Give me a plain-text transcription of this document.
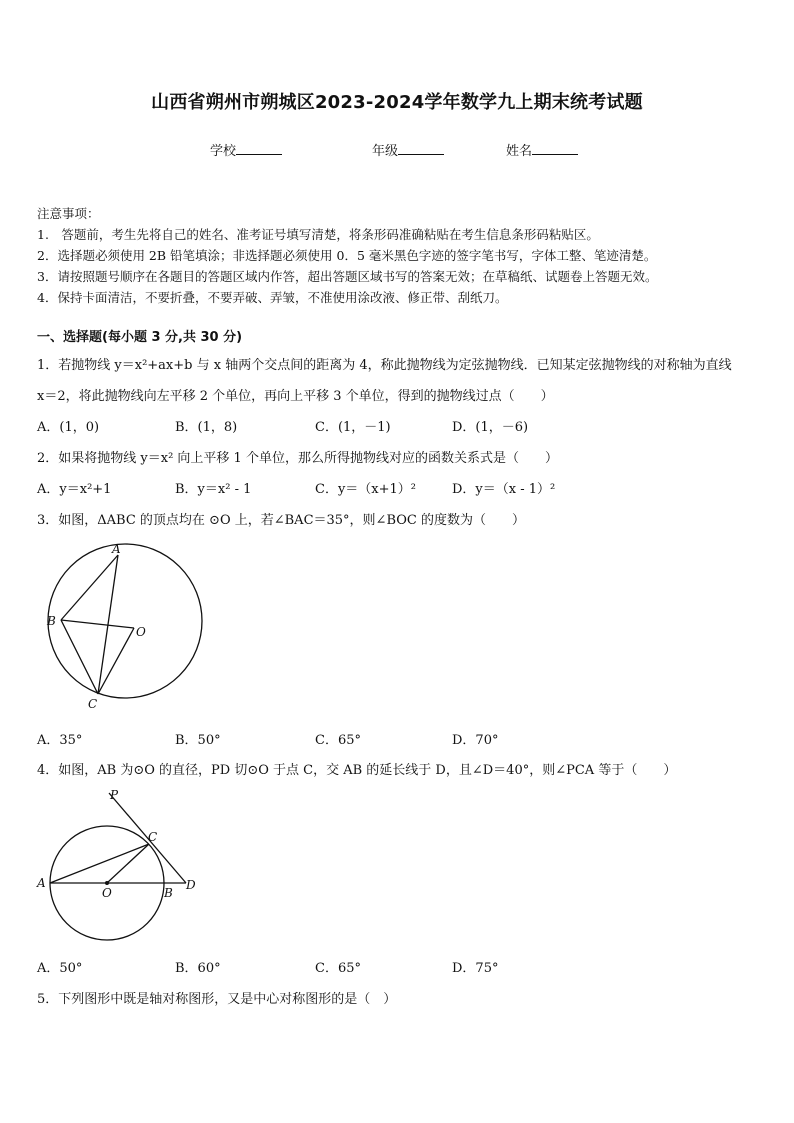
山西省朔州市朔城区2023-2024学年数学九上期末统考试题
学校	年级	姓名
注意事项：
1.　答题前，考生先将自己的姓名、准考证号填写清楚，将条形码准确粘贴在考生信息条形码粘贴区。
2．选择题必须使用 2B 铅笔填涂；非选择题必须使用 0．5 毫米黑色字迹的签字笔书写，字体工整、笔迹清楚。
3．请按照题号顺序在各题目的答题区域内作答，超出答题区域书写的答案无效；在草稿纸、试题卷上答题无效。
4．保持卡面清洁，不要折叠，不要弄破、弄皱，不准使用涂改液、修正带、刮纸刀。
一、选择题(每小题 3 分,共 30 分)
1．若抛物线 y＝x²+ax+b 与 x 轴两个交点间的距离为 4，称此抛物线为定弦抛物线．已知某定弦抛物线的对称轴为直线
x＝2，将此抛物线向左平移 2 个单位，再向上平移 3 个单位，得到的抛物线过点（　　）
A．(1，0)	B．(1，8)	C．(1，－1)	D．(1，－6)
2．如果将抛物线 y＝x² 向上平移 1 个单位，那么所得抛物线对应的函数关系式是（　　）
A．y＝x²+1	B．y＝x² - 1	C．y＝（x+1）²	D．y＝（x - 1）²
3．如图，ΔABC 的顶点均在 ⊙O 上，若∠BAC＝35°，则∠BOC 的度数为（　　）
A
B
C
O
A．35°	B．50°	C．65°	D．70°
4．如图，AB 为⊙O 的直径，PD 切⊙O 于点 C，交 AB 的延长线于 D，且∠D＝40°，则∠PCA 等于（　　）
P
C
A
O	B
D
A．50°	B．60°	C．65°	D．75°
5．下列图形中既是轴对称图形，又是中心对称图形的是（　）
